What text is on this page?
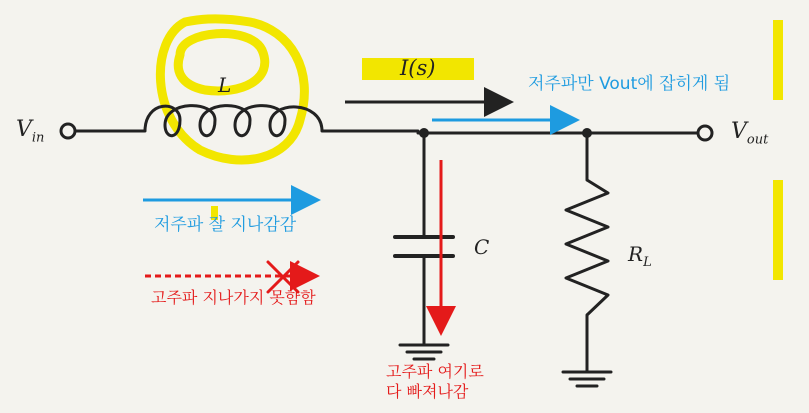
$V_{in}$	$V_{out}$
L
C	$R_L$
I(s)
저주파만 Vout에 잡히게 됨
저주파 잘 지나감감
고주파 지나가지 못함함
고주파 여기로
다 빠져나감
